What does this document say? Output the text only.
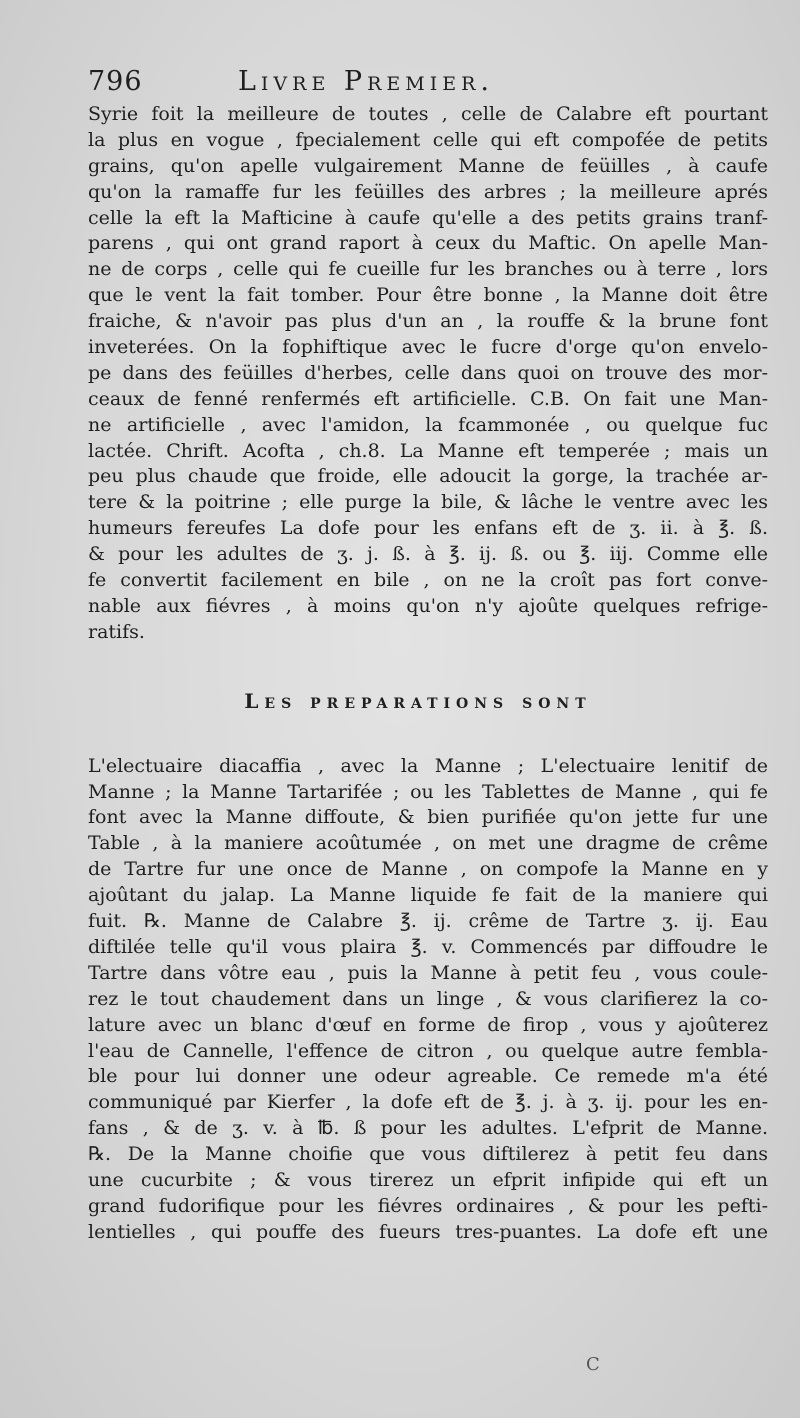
796	Livre Premier.
Syrie foit la meilleure de toutes , celle de Calabre eft pourtant
la plus en vogue , fpecialement celle qui eft compofée de petits
grains, qu'on apelle vulgairement Manne de feüilles , à caufe
qu'on la ramaffe fur les feüilles des arbres ; la meilleure aprés
celle la eft la Mafticine à caufe qu'elle a des petits grains tranf-
parens , qui ont grand raport à ceux du Maftic. On apelle Man-
ne de corps , celle qui fe cueille fur les branches ou à terre , lors
que le vent la fait tomber. Pour être bonne , la Manne doit être
fraiche, & n'avoir pas plus d'un an , la rouffe & la brune font
inveterées. On la fophiftique avec le fucre d'orge qu'on envelo-
pe dans des feüilles d'herbes, celle dans quoi on trouve des mor-
ceaux de fenné renfermés eft artificielle. C.B. On fait une Man-
ne artificielle , avec l'amidon, la fcammonée , ou quelque fuc
lactée. Chrift. Acofta , ch.8. La Manne eft temperée ; mais un
peu plus chaude que froide, elle adoucit la gorge, la trachée ar-
tere & la poitrine ; elle purge la bile, & lâche le ventre avec les
humeurs fereufes La dofe pour les enfans eft de ʒ. ii. à ℥. ß.
& pour les adultes de ʒ. j. ß. à ℥. ij. ß. ou ℥. iij. Comme elle
fe convertit facilement en bile , on ne la croît pas fort conve-
nable aux fiévres , à moins qu'on n'y ajoûte quelques refrige-
ratifs.
Les preparations sont
L'electuaire diacaffia , avec la Manne ; L'electuaire lenitif de
Manne ; la Manne Tartarifée ; ou les Tablettes de Manne , qui fe
font avec la Manne diffoute, & bien purifiée qu'on jette fur une
Table , à la maniere acoûtumée , on met une dragme de crême
de Tartre fur une once de Manne , on compofe la Manne en y
ajoûtant du jalap. La Manne liquide fe fait de la maniere qui
fuit. ℞. Manne de Calabre ℥. ij. crême de Tartre ʒ. ij. Eau
diftilée telle qu'il vous plaira ℥. v. Commencés par diffoudre le
Tartre dans vôtre eau , puis la Manne à petit feu , vous coule-
rez le tout chaudement dans un linge , & vous clarifierez la co-
lature avec un blanc d'œuf en forme de firop , vous y ajoûterez
l'eau de Cannelle, l'effence de citron , ou quelque autre fembla-
ble pour lui donner une odeur agreable. Ce remede m'a été
communiqué par Kierfer , la dofe eft de ℥. j. à ʒ. ij. pour les en-
fans , & de ʒ. v. à ℔. ß pour les adultes. L'efprit de Manne.
℞. De la Manne choifie que vous diftilerez à petit feu dans
une cucurbite ; & vous tirerez un efprit infipide qui eft un
grand fudorifique pour les fiévres ordinaires , & pour les pefti-
lentielles , qui pouffe des fueurs tres-puantes. La dofe eft une
C
